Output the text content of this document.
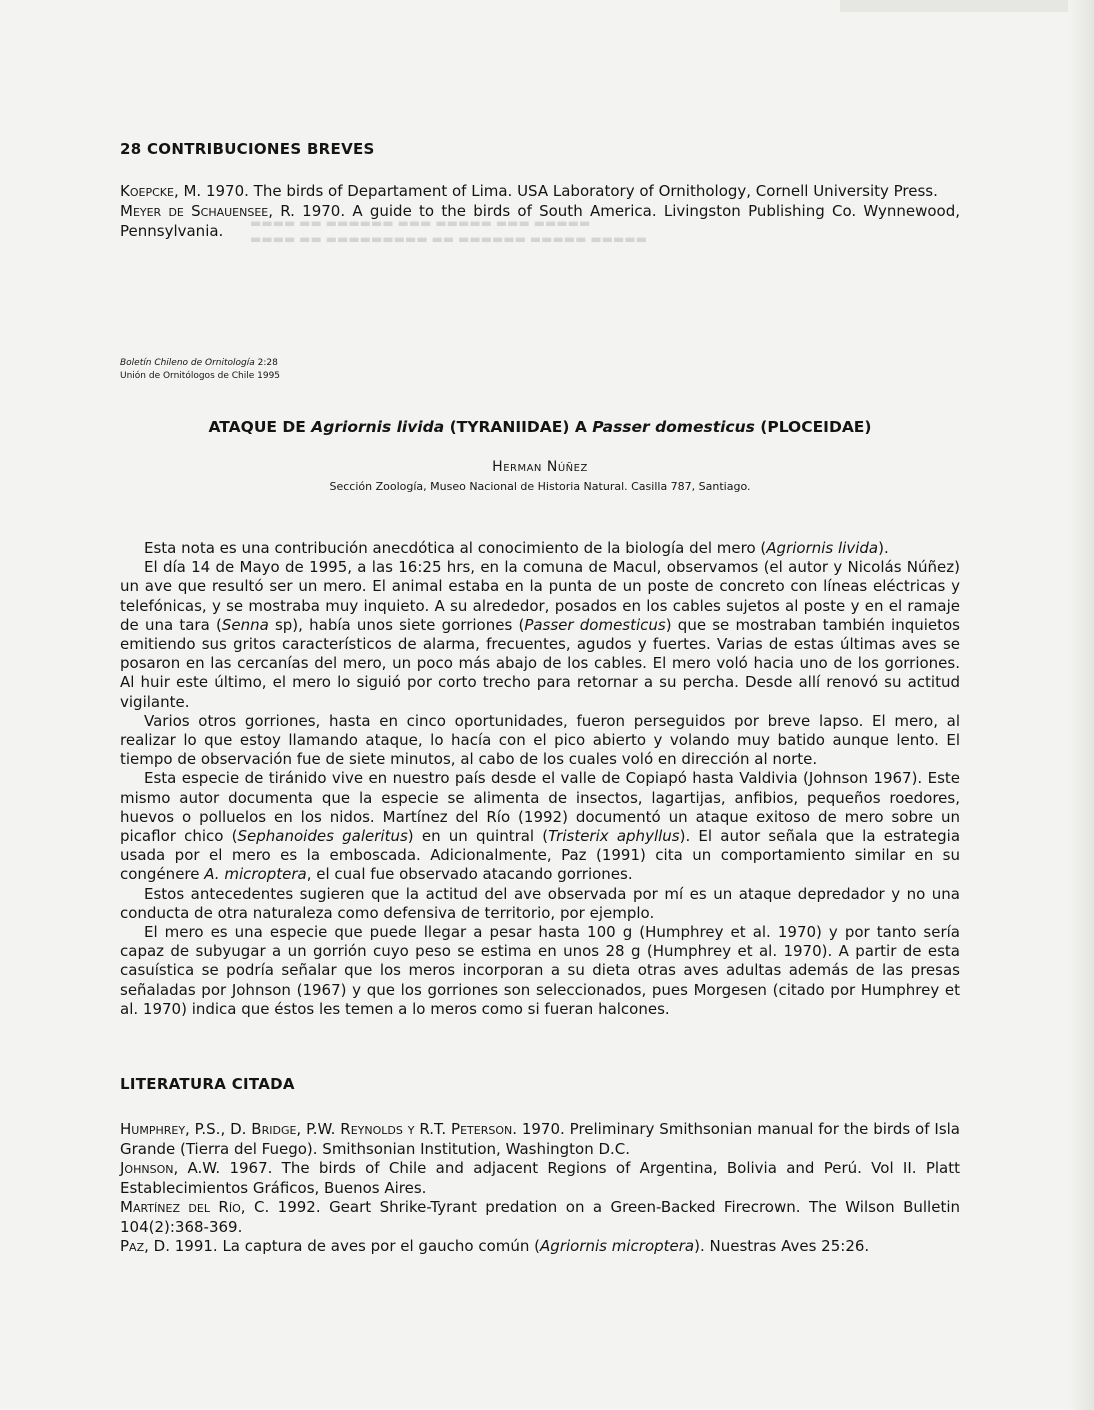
▬▬▬▬ ▬▬ ▬▬▬▬▬▬ ▬▬▬ ▬▬▬▬▬ ▬▬▬ ▬▬▬▬▬
▬▬▬▬ ▬▬ ▬▬▬▬▬▬▬▬▬ ▬▬ ▬▬▬▬▬▬ ▬▬▬▬▬ ▬▬▬▬▬
28 CONTRIBUCIONES BREVES

Koepcke, M. 1970. The birds of Departament of Lima. USA Laboratory of Ornithology, Cornell University Press.

Meyer de Schauensee, R. 1970. A guide to the birds of South America. Livingston Publishing Co. Wynnewood, Pennsylvania.

Boletín Chileno de Ornitología 2:28
Unión de Ornitólogos de Chile 1995
ATAQUE DE Agriornis livida (TYRANIIDAE) A Passer domesticus (PLOCEIDAE)

Herman Núñez

Sección Zoología, Museo Nacional de Historia Natural. Casilla 787, Santiago.

Esta nota es una contribución anecdótica al conocimiento de la biología del mero (Agriornis livida).

El día 14 de Mayo de 1995, a las 16:25 hrs, en la comuna de Macul, observamos (el autor y Nicolás Núñez) un ave que resultó ser un mero. El animal estaba en la punta de un poste de concreto con líneas eléctricas y telefónicas, y se mostraba muy inquieto. A su alrededor, posados en los cables sujetos al poste y en el ramaje de una tara (Senna sp), había unos siete gorriones (Passer domesticus) que se mostraban también inquietos emitiendo sus gritos característicos de alarma, frecuentes, agudos y fuertes. Varias de estas últimas aves se posaron en las cercanías del mero, un poco más abajo de los cables. El mero voló hacia uno de los gorriones. Al huir este último, el mero lo siguió por corto trecho para retornar a su percha. Desde allí renovó su actitud vigilante.

Varios otros gorriones, hasta en cinco oportunidades, fueron perseguidos por breve lapso. El mero, al realizar lo que estoy llamando ataque, lo hacía con el pico abierto y volando muy batido aunque lento. El tiempo de observación fue de siete minutos, al cabo de los cuales voló en dirección al norte.

Esta especie de tiránido vive en nuestro país desde el valle de Copiapó hasta Valdivia (Johnson 1967). Este mismo autor documenta que la especie se alimenta de insectos, lagartijas, anfibios, pequeños roedores, huevos o polluelos en los nidos. Martínez del Río (1992) documentó un ataque exitoso de mero sobre un picaflor chico (Sephanoides galeritus) en un quintral (Tristerix aphyllus). El autor señala que la estrategia usada por el mero es la emboscada. Adicionalmente, Paz (1991) cita un comportamiento similar en su congénere A. microptera, el cual fue observado atacando gorriones.

Estos antecedentes sugieren que la actitud del ave observada por mí es un ataque depredador y no una conducta de otra naturaleza como defensiva de territorio, por ejemplo.

El mero es una especie que puede llegar a pesar hasta 100 g (Humphrey et al. 1970) y por tanto sería capaz de subyugar a un gorrión cuyo peso se estima en unos 28 g (Humphrey et al. 1970). A partir de esta casuística se podría señalar que los meros incorporan a su dieta otras aves adultas además de las presas señaladas por Johnson (1967) y que los gorriones son seleccionados, pues Morgesen (citado por Humphrey et al. 1970) indica que éstos les temen a lo meros como si fueran halcones.

LITERATURA CITADA

Humphrey, P.S., D. Bridge, P.W. Reynolds y R.T. Peterson. 1970. Preliminary Smithsonian manual for the birds of Isla Grande (Tierra del Fuego). Smithsonian Institution, Washington D.C.

Johnson, A.W. 1967. The birds of Chile and adjacent Regions of Argentina, Bolivia and Perú. Vol II. Platt Establecimientos Gráficos, Buenos Aires.

Martínez del Río, C. 1992. Geart Shrike-Tyrant predation on a Green-Backed Firecrown. The Wilson Bulletin 104(2):368-369.

Paz, D. 1991. La captura de aves por el gaucho común (Agriornis microptera). Nuestras Aves 25:26.
